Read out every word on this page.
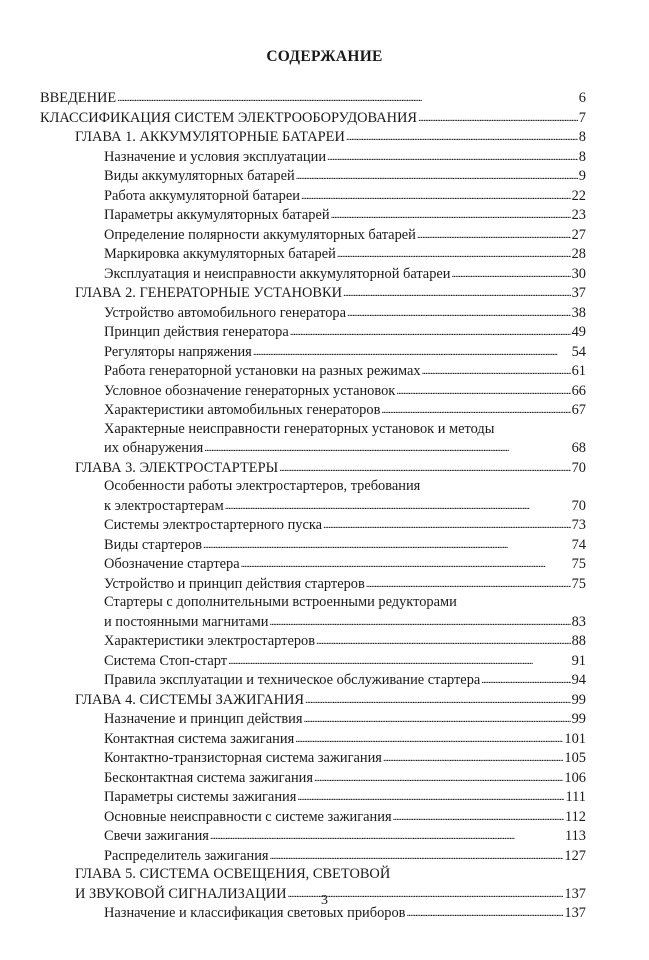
СОДЕРЖАНИЕ
ВВЕДЕНИЕ . . .	6
КЛАССИФИКАЦИЯ СИСТЕМ ЭЛЕКТРООБОРУДОВАНИЯ . . .	7
ГЛАВА 1. АККУМУЛЯТОРНЫЕ БАТАРЕИ . . .	8
Назначение и условия эксплуатации . . .	8
Виды аккумуляторных батарей . . .	9
Работа аккумуляторной батареи . . .	22
Параметры аккумуляторных батарей . . .	23
Определение полярности аккумуляторных батарей . . .	27
Маркировка аккумуляторных батарей . . .	28
Эксплуатация и неисправности аккумуляторной батареи . . .	30
ГЛАВА 2. ГЕНЕРАТОРНЫЕ УСТАНОВКИ . . .	37
Устройство автомобильного генератора . . .	38
Принцип действия генератора . . .	49
Регуляторы напряжения . . .	54
Работа генераторной установки на разных режимах . . .	61
Условное обозначение генераторных установок . . .	66
Характеристики автомобильных генераторов . . .	67
Характерные неисправности генераторных установок и методы
их обнаружения . . .	68
ГЛАВА 3. ЭЛЕКТРОСТАРТЕРЫ . . .	70
Особенности работы электростартеров, требования
к электростартерам . . .	70
Системы электростартерного пуска . . .	73
Виды стартеров . . .	74
Обозначение стартера . . .	75
Устройство и принцип действия стартеров . . .	75
Стартеры с дополнительными встроенными редукторами
и постоянными магнитами . . .	83
Характеристики электростартеров . . .	88
Система Стоп-старт . . .	91
Правила эксплуатации и техническое обслуживание стартера . . .	94
ГЛАВА 4. СИСТЕМЫ ЗАЖИГАНИЯ . . .	99
Назначение и принцип действия . . .	99
Контактная система зажигания . . .	101
Контактно-транзисторная система зажигания . . .	105
Бесконтактная система зажигания . . .	106
Параметры системы зажигания . . .	111
Основные неисправности с системе зажигания . . .	112
Свечи зажигания . . .	113
Распределитель зажигания . . .	127
ГЛАВА 5. СИСТЕМА ОСВЕЩЕНИЯ, СВЕТОВОЙ
И ЗВУКОВОЙ СИГНАЛИЗАЦИИ . . .	137
Назначение и классификация световых приборов . . .	137
3
